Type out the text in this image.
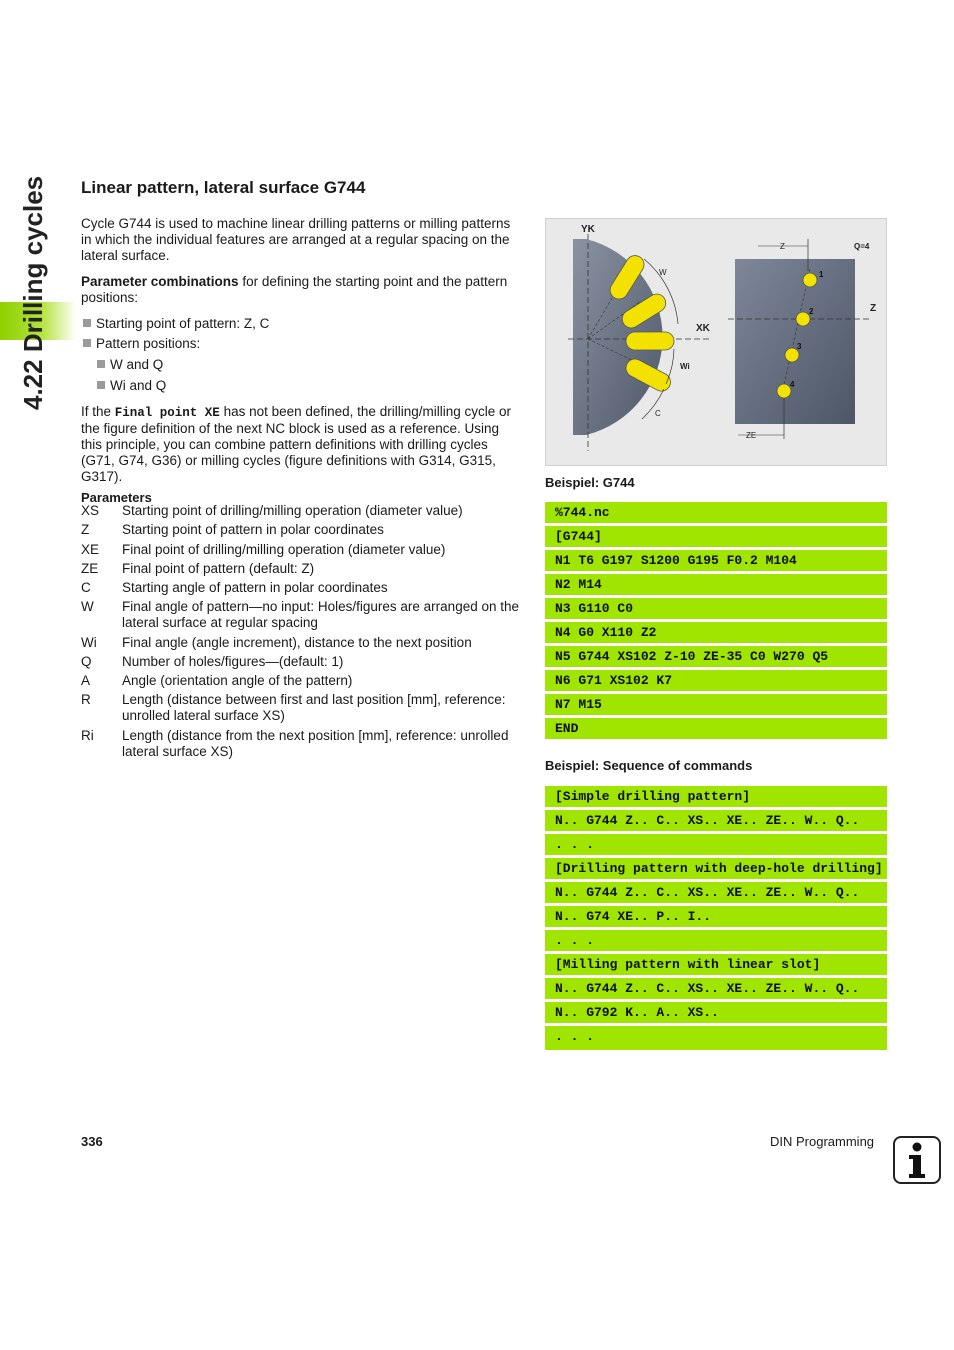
4.22 Drilling cycles	Linear pattern, lateral surface G744
Cycle G744 is used to machine linear drilling patterns or milling patterns in which the individual features are arranged at a regular spacing on the lateral surface.
Parameter combinations for defining the starting point and the pattern positions:
Starting point of pattern: Z, C
Pattern positions:
W and Q
Wi and Q
If the Final point XE has not been defined, the drilling/milling cycle or the figure definition of the next NC block is used as a reference. Using this principle, you can combine pattern definitions with drilling cycles (G71, G74, G36) or milling cycles (figure definitions with G314, G315, G317).
Parameters
XS	Starting point of drilling/milling operation (diameter value)
Z	Starting point of pattern in polar coordinates
XE	Final point of drilling/milling operation (diameter value)
ZE	Final point of pattern (default: Z)
C	Starting angle of pattern in polar coordinates
W	Final angle of pattern—no input: Holes/figures are arranged on the lateral surface at regular spacing
Wi	Final angle (angle increment), distance to the next position
Q	Number of holes/figures—(default: 1)
A	Angle (orientation angle of the pattern)
R	Length (distance between first and last position [mm], reference: unrolled lateral surface XS)
Ri	Length (distance from the next position [mm], reference: unrolled lateral surface XS)
YK
XK
W
Wi
C
1
2
3
4
Z	Q=4
Z
ZE
Beispiel: G744
%744.nc
[G744]
N1 T6 G197 S1200 G195 F0.2 M104
N2 M14
N3 G110 C0
N4 G0 X110 Z2
N5 G744 XS102 Z-10 ZE-35 C0 W270 Q5
N6 G71 XS102 K7
N7 M15
END
Beispiel: Sequence of commands
[Simple drilling pattern]
N.. G744 Z.. C.. XS.. XE.. ZE.. W.. Q..
. . .
[Drilling pattern with deep-hole drilling]
N.. G744 Z.. C.. XS.. XE.. ZE.. W.. Q..
N.. G74 XE.. P.. I..
. . .
[Milling pattern with linear slot]
N.. G744 Z.. C.. XS.. XE.. ZE.. W.. Q..
N.. G792 K.. A.. XS..
. . .
336	DIN Programming
